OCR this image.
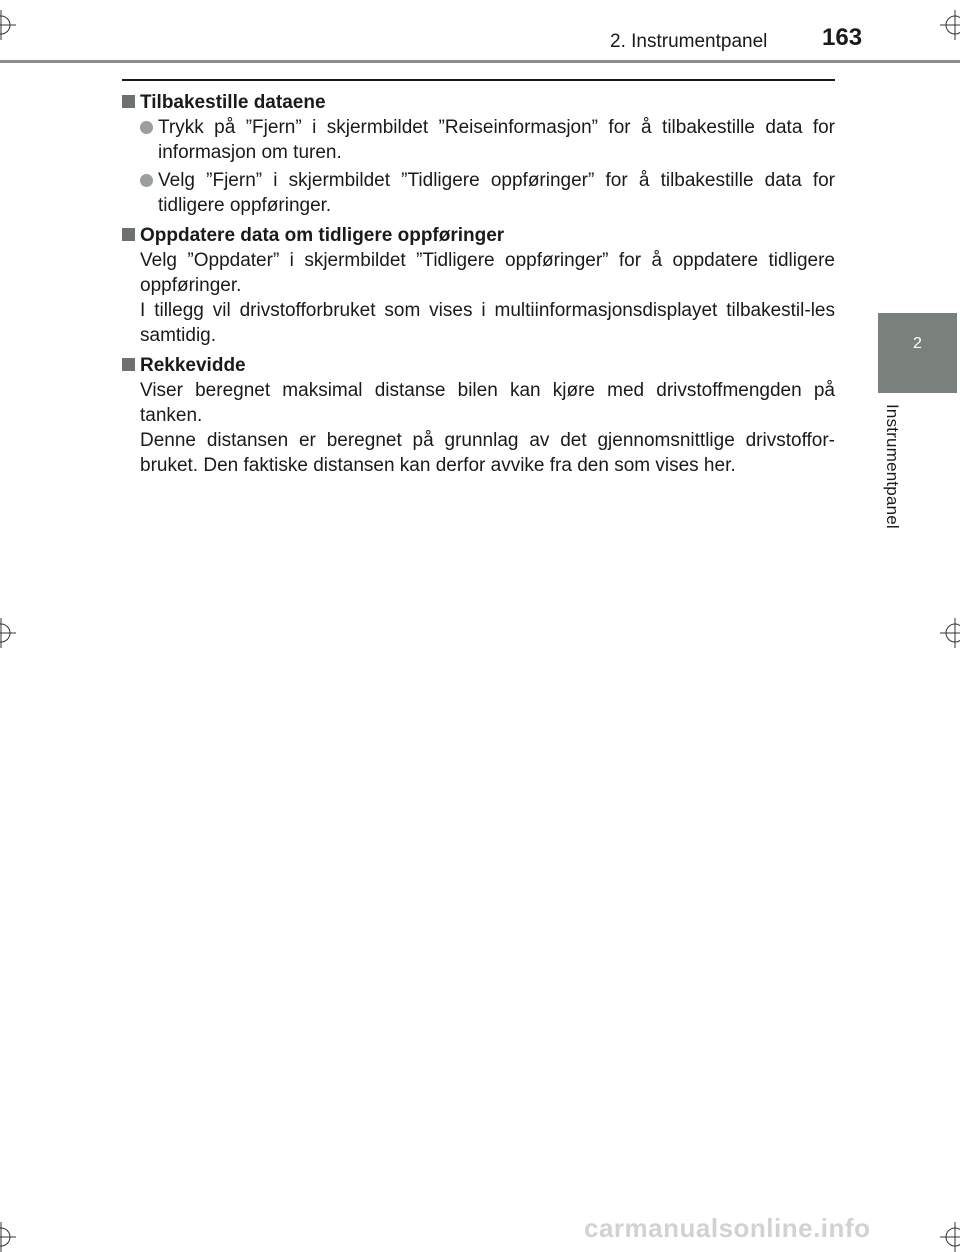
2. Instrumentpanel 163

Tilbakestille dataene

Trykk på ”Fjern” i skjermbildet ”Reiseinformasjon” for å tilbakestille data for informasjon om turen.

Velg ”Fjern” i skjermbildet ”Tidligere oppføringer” for å tilbakestille data for tidligere oppføringer.

Oppdatere data om tidligere oppføringer

Velg ”Oppdater” i skjermbildet ”Tidligere oppføringer” for å oppdatere tidligere oppføringer.
I tillegg vil drivstofforbruket som vises i multiinformasjonsdisplayet tilbakestil-les samtidig.

Rekkevidde

Viser beregnet maksimal distanse bilen kan kjøre med drivstoffmengden på tanken.
Denne distansen er beregnet på grunnlag av det gjennomsnittlige drivstoffor-bruket. Den faktiske distansen kan derfor avvike fra den som vises her.

2
Instrumentpanel
carmanualsonline.info
